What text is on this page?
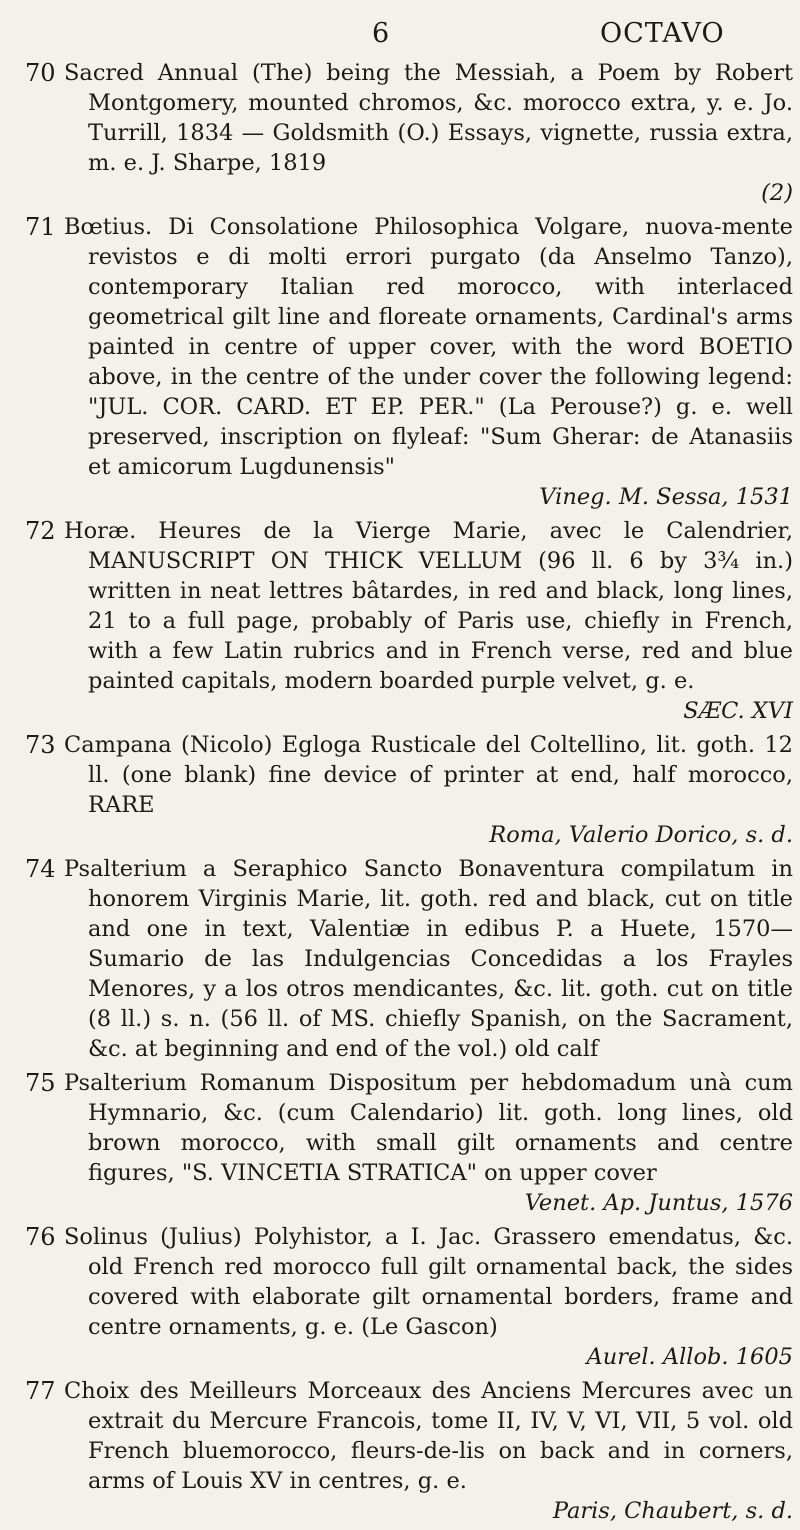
6	OCTAVO
70 Sacred Annual (The) being the Messiah, a Poem by Robert Montgomery, mounted chromos, &c. morocco extra, y. e. Jo. Turrill, 1834 — Goldsmith (O.) Essays, vignette, russia extra, m. e. J. Sharpe, 1819
(2)
71 Bœtius. Di Consolatione Philosophica Volgare, nuova-mente revistos e di molti errori purgato (da Anselmo Tanzo), contemporary Italian red morocco, with interlaced geometrical gilt line and floreate ornaments, Cardinal's arms painted in centre of upper cover, with the word BOETIO above, in the centre of the under cover the following legend: "JUL. COR. CARD. ET EP. PER." (La Perouse?) g. e. well preserved, inscription on flyleaf: "Sum Gherar: de Atanasiis et amicorum Lugdunensis"
Vineg. M. Sessa, 1531
72 Horæ. Heures de la Vierge Marie, avec le Calendrier, MANUSCRIPT ON THICK VELLUM (96 ll. 6 by 3¾ in.) written in neat lettres bâtardes, in red and black, long lines, 21 to a full page, probably of Paris use, chiefly in French, with a few Latin rubrics and in French verse, red and blue painted capitals, modern boarded purple velvet, g. e.
SÆC. XVI
73 Campana (Nicolo) Egloga Rusticale del Coltellino, lit. goth. 12 ll. (one blank) fine device of printer at end, half morocco, RARE
Roma, Valerio Dorico, s. d.
74 Psalterium a Seraphico Sancto Bonaventura compilatum in honorem Virginis Marie, lit. goth. red and black, cut on title and one in text, Valentiæ in edibus P. a Huete, 1570—Sumario de las Indulgencias Concedidas a los Frayles Menores, y a los otros mendicantes, &c. lit. goth. cut on title (8 ll.) s. n. (56 ll. of MS. chiefly Spanish, on the Sacrament, &c. at beginning and end of the vol.) old calf
75 Psalterium Romanum Dispositum per hebdomadum unà cum Hymnario, &c. (cum Calendario) lit. goth. long lines, old brown morocco, with small gilt ornaments and centre figures, "S. VINCETIA STRATICA" on upper cover
Venet. Ap. Juntus, 1576
76 Solinus (Julius) Polyhistor, a I. Jac. Grassero emendatus, &c. old French red morocco full gilt ornamental back, the sides covered with elaborate gilt ornamental borders, frame and centre ornaments, g. e. (Le Gascon)
Aurel. Allob. 1605
77 Choix des Meilleurs Morceaux des Anciens Mercures avec un extrait du Mercure Francois, tome II, IV, V, VI, VII, 5 vol. old French bluemorocco, fleurs-de-lis on back and in corners, arms of Louis XV in centres, g. e.
Paris, Chaubert, s. d.
